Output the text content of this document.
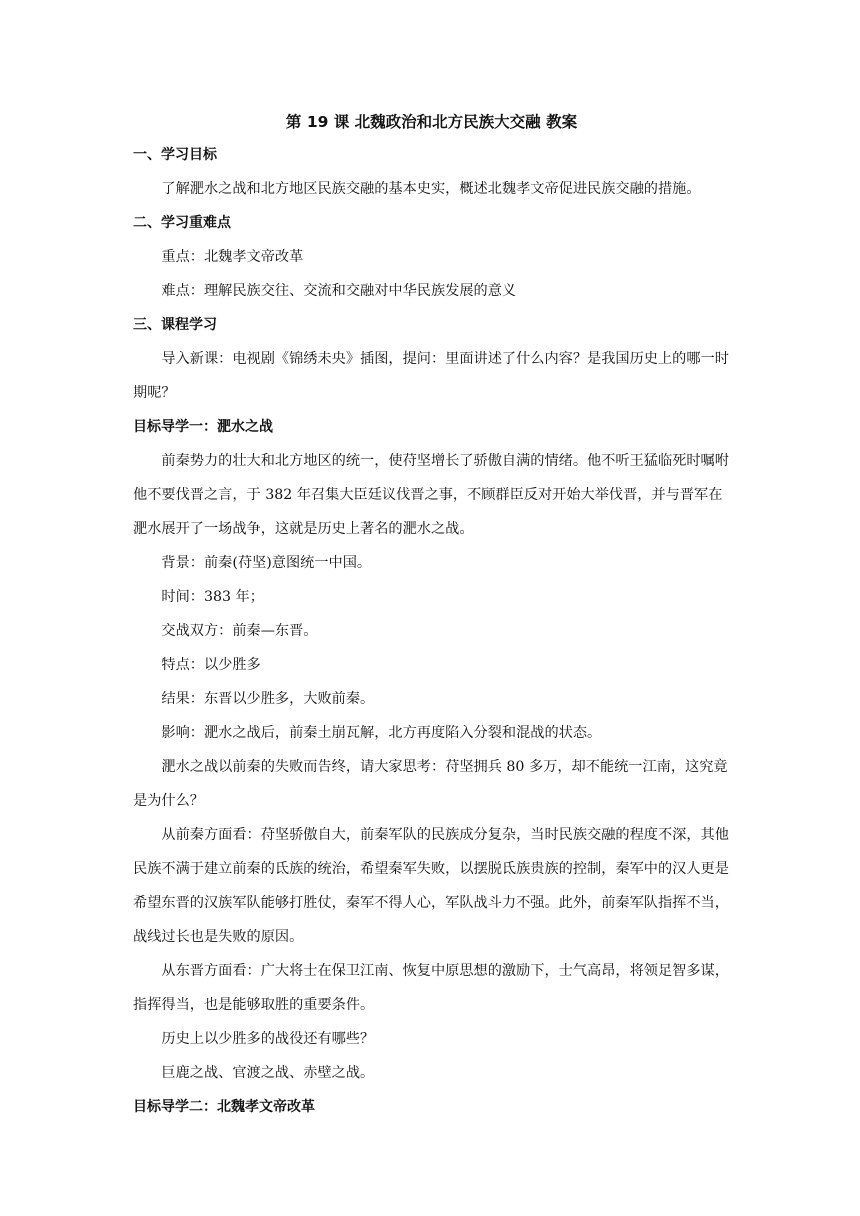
第 19 课 北魏政治和北方民族大交融 教案

一、学习目标

了解淝水之战和北方地区民族交融的基本史实，概述北魏孝文帝促进民族交融的措施。

二、学习重难点

重点：北魏孝文帝改革

难点：理解民族交往、交流和交融对中华民族发展的意义

三、课程学习

导入新课：电视剧《锦绣未央》插图，提问：里面讲述了什么内容？是我国历史上的哪一时期呢？

目标导学一：淝水之战

前秦势力的壮大和北方地区的统一，使苻坚增长了骄傲自满的情绪。他不听王猛临死时嘱咐他不要伐晋之言，于 382 年召集大臣廷议伐晋之事，不顾群臣反对开始大举伐晋，并与晋军在淝水展开了一场战争，这就是历史上著名的淝水之战。

背景：前秦(苻坚)意图统一中国。

时间：383 年；

交战双方：前秦—东晋。

特点：以少胜多

结果：东晋以少胜多，大败前秦。

影响：淝水之战后，前秦土崩瓦解，北方再度陷入分裂和混战的状态。

淝水之战以前秦的失败而告终，请大家思考：苻坚拥兵 80 多万，却不能统一江南，这究竟是为什么？

从前秦方面看：苻坚骄傲自大，前秦军队的民族成分复杂，当时民族交融的程度不深，其他民族不满于建立前秦的氐族的统治，希望秦军失败，以摆脱氐族贵族的控制，秦军中的汉人更是希望东晋的汉族军队能够打胜仗，秦军不得人心，军队战斗力不强。此外，前秦军队指挥不当，战线过长也是失败的原因。

从东晋方面看：广大将士在保卫江南、恢复中原思想的激励下，士气高昂，将领足智多谋，指挥得当，也是能够取胜的重要条件。

历史上以少胜多的战役还有哪些？

巨鹿之战、官渡之战、赤壁之战。

目标导学二：北魏孝文帝改革
